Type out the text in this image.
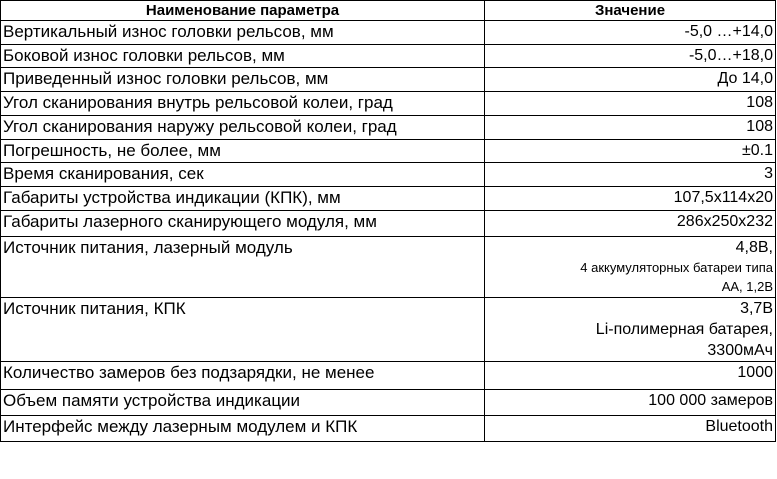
Наименование параметра	Значение
Вертикальный износ головки рельсов, мм	-5,0 …+14,0
Боковой износ головки рельсов, мм	-5,0…+18,0
Приведенный износ головки рельсов, мм	До 14,0
Угол сканирования внутрь рельсовой колеи, град	108
Угол сканирования наружу рельсовой колеи, град	108
Погрешность, не более, мм	±0.1
Время сканирования, сек	3
Габариты устройства индикации (КПК), мм	107,5х114х20
Габариты лазерного сканирующего модуля, мм	286х250х232
Источник питания, лазерный модуль	4,8В,
4 аккумуляторных батареи типа
АА, 1,2В

Источник питания, КПК	3,7В
Li-полимерная батарея,
3300мАч

Количество замеров без подзарядки, не менее	1000
Объем памяти устройства индикации	100 000 замеров
Интерфейс между лазерным модулем и КПК	Bluetooth
